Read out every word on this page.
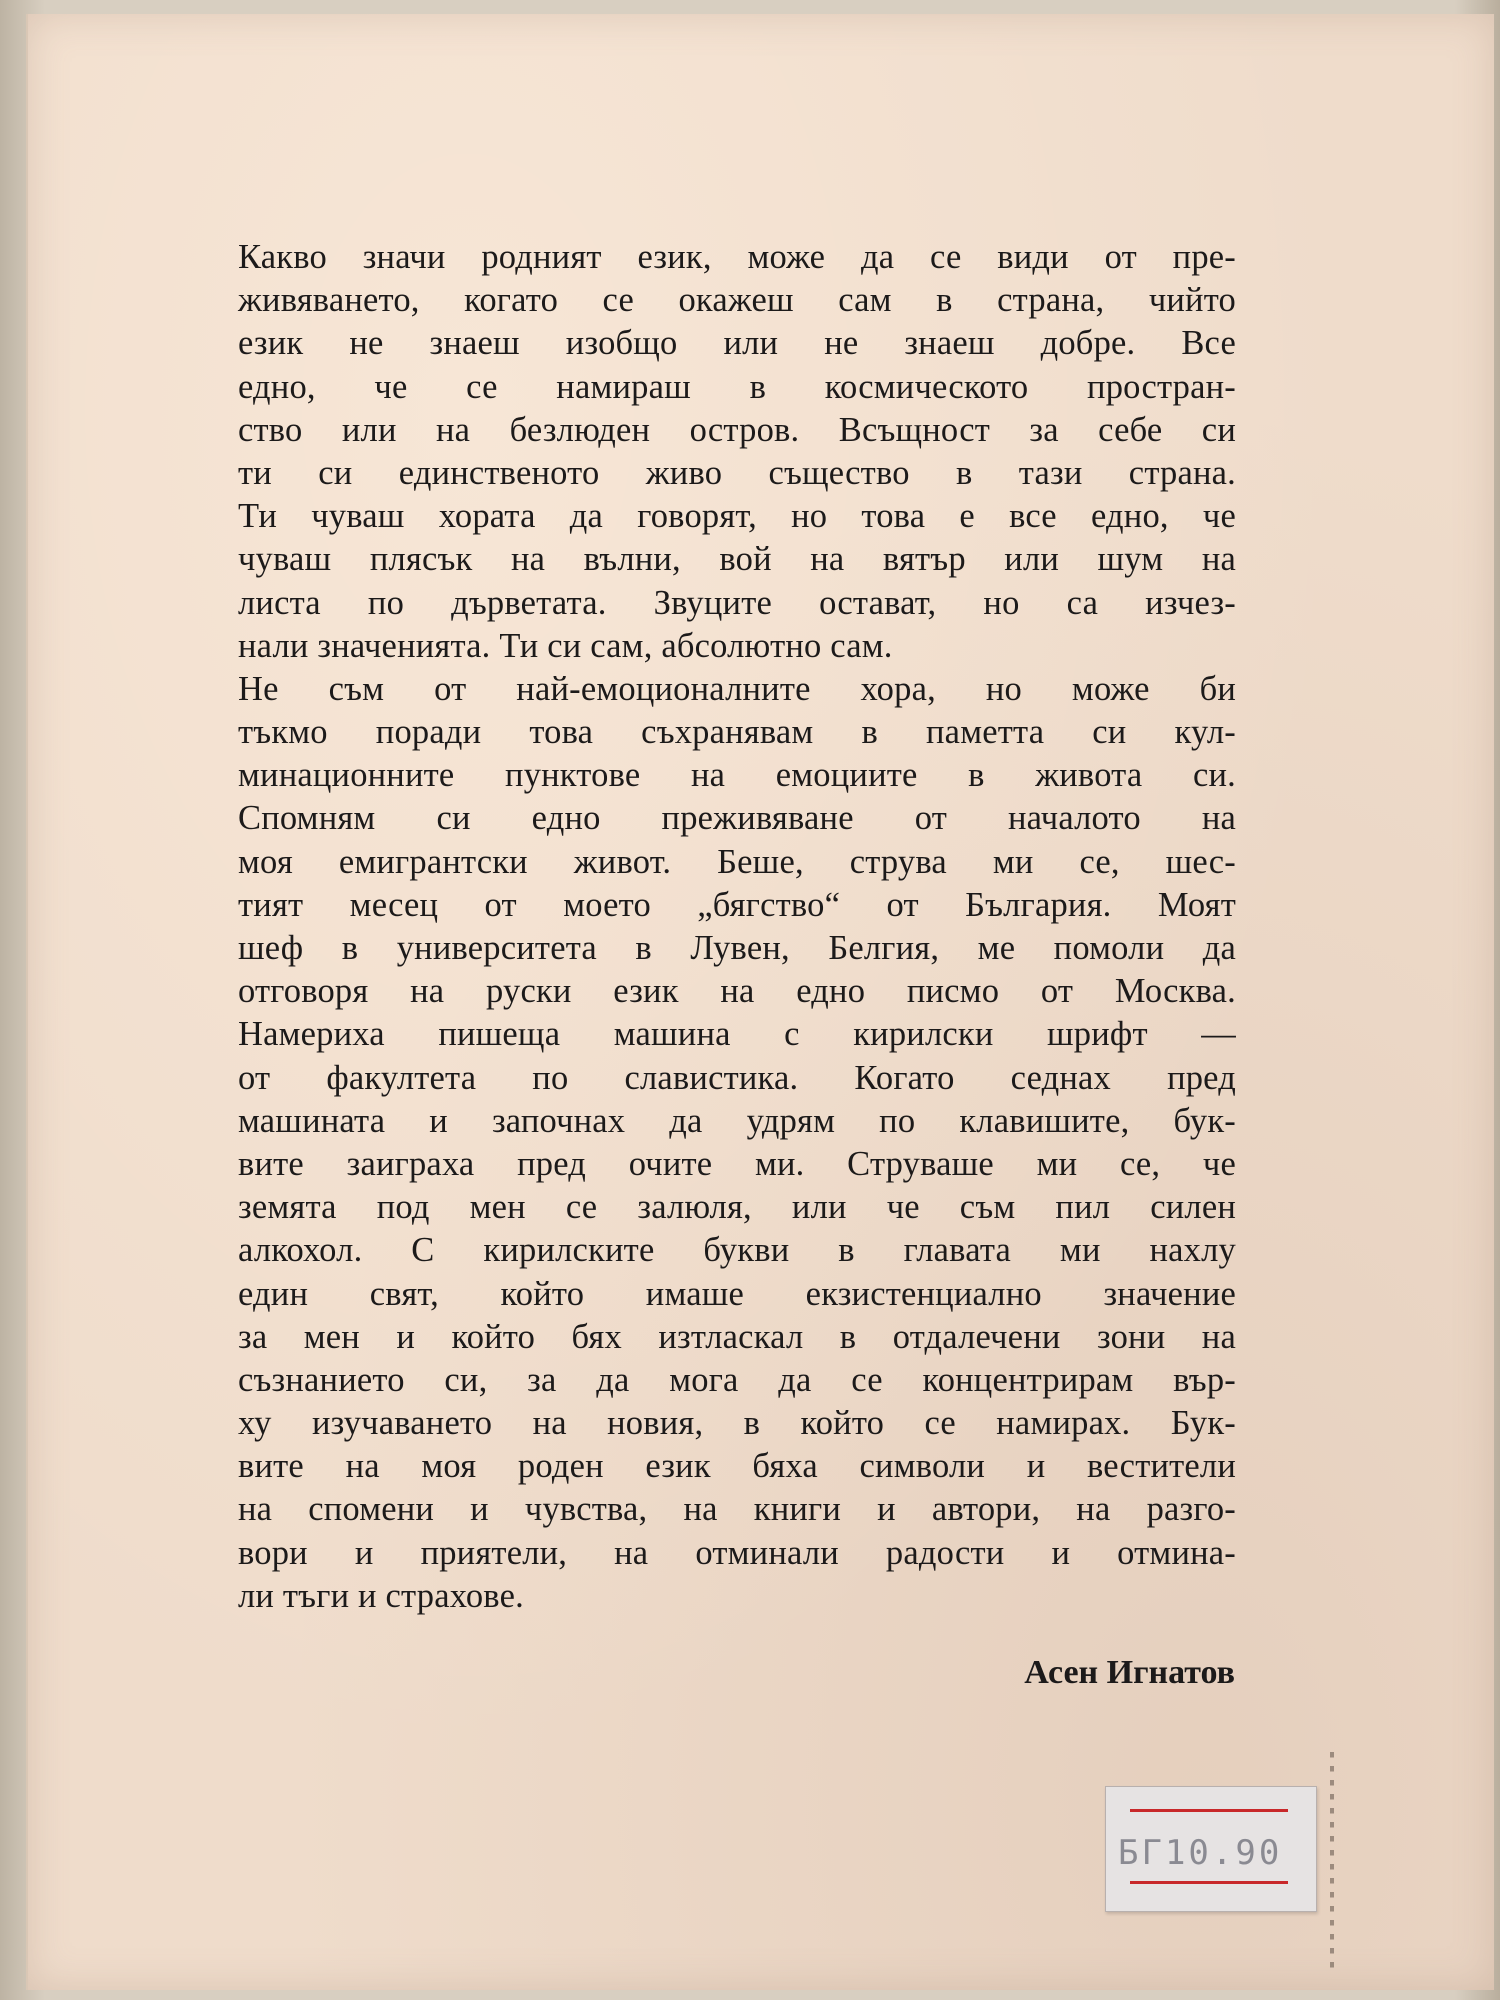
Какво значи родният език, може да се види от пре-
живяването, когато се окажеш сам в страна, чийто
език не знаеш изобщо или не знаеш добре. Все
едно, че се намираш в космическото простран-
ство или на безлюден остров. Всъщност за себе си
ти си единственото живо същество в тази страна.
Ти чуваш хората да говорят, но това е все едно, че
чуваш плясък на вълни, вой на вятър или шум на
листа по дърветата. Звуците остават, но са изчез-
нали значенията. Ти си сам, абсолютно сам.
Не съм от най-емоционалните хора, но може би
тъкмо поради това съхранявам в паметта си кул-
минационните пунктове на емоциите в живота си.
Спомням си едно преживяване от началото на
моя емигрантски живот. Беше, струва ми се, шес-
тият месец от моето „бягство“ от България. Моят
шеф в университета в Лувен, Белгия, ме помоли да
отговоря на руски език на едно писмо от Москва.
Намериха пишеща машина с кирилски шрифт —
от факултета по славистика. Когато седнах пред
машината и започнах да удрям по клавишите, бук-
вите заиграха пред очите ми. Струваше ми се, че
земята под мен се залюля, или че съм пил силен
алкохол. С кирилските букви в главата ми нахлу
един свят, който имаше екзистенциално значение
за мен и който бях изтласкал в отдалечени зони на
съзнанието си, за да мога да се концентрирам вър-
ху изучаването на новия, в който се намирах. Бук-
вите на моя роден език бяха символи и вестители
на спомени и чувства, на книги и автори, на разго-
вори и приятели, на отминали радости и отмина-
ли тъги и страхове.
Асен Игнатов
БГ10.90
